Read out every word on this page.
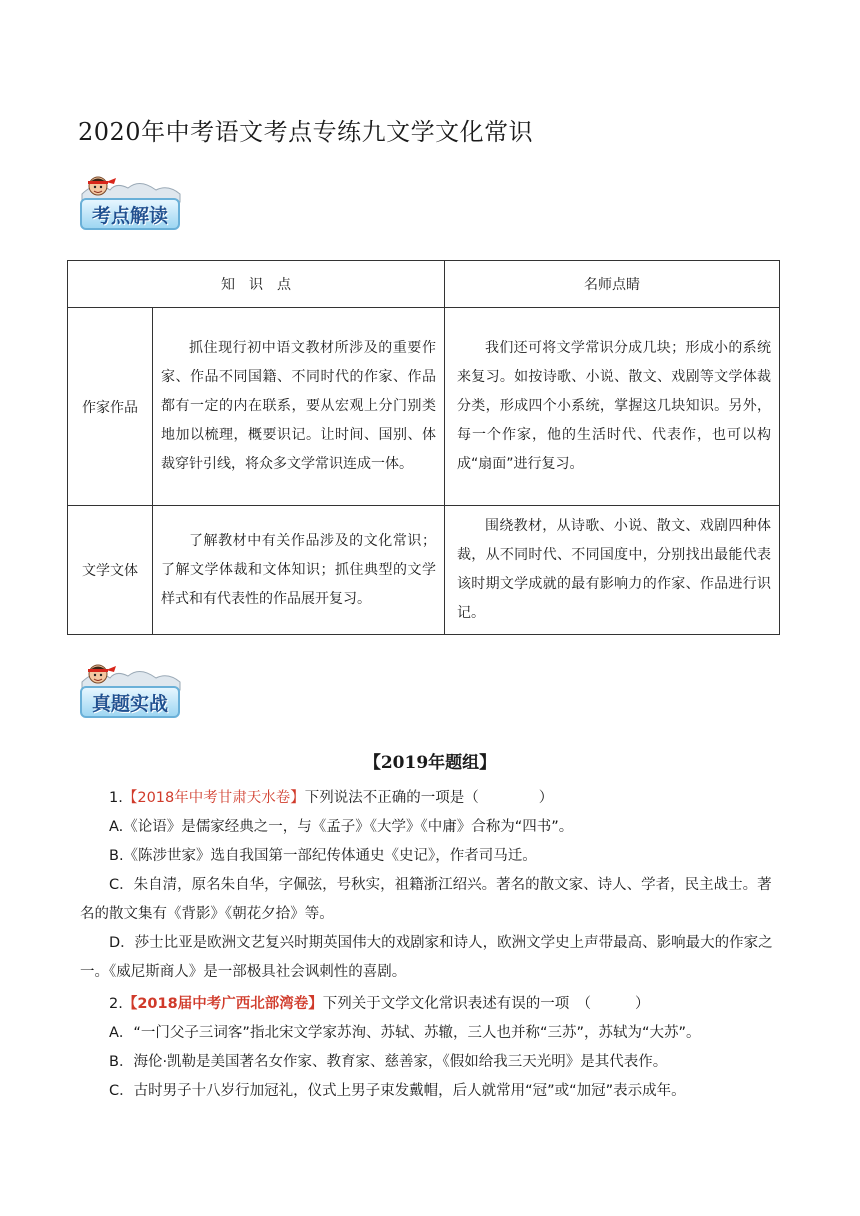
2020年中考语文考点专练九文学文化常识
考点解读
知　识　点		名师点睛
作家作品	抓住现行初中语文教材所涉及的重要作家、作品不同国籍、不同时代的作家、作品都有一定的内在联系，要从宏观上分门别类地加以梳理，概要识记。让时间、国别、体裁穿针引线，将众多文学常识连成一体。	我们还可将文学常识分成几块；形成小的系统来复习。如按诗歌、小说、散文、戏剧等文学体裁分类，形成四个小系统，掌握这几块知识。另外，每一个作家，他的生活时代、代表作，也可以构成“扇面”进行复习。

文学文体	了解教材中有关作品涉及的文化常识；了解文学体裁和文体知识；抓住典型的文学样式和有代表性的作品展开复习。	围绕教材，从诗歌、小说、散文、戏剧四种体裁，从不同时代、不同国度中，分别找出最能代表该时期文学成就的最有影响力的作家、作品进行识记。
真题实战
【2019年题组】

1.【2018年中考甘肃天水卷】下列说法不正确的一项是（	）

A.《论语》是儒家经典之一，与《孟子》《大学》《中庸》合称为“四书”。

B.《陈涉世家》选自我国第一部纪传体通史《史记》，作者司马迁。

C．朱自清，原名朱自华，字佩弦，号秋实，祖籍浙江绍兴。著名的散文家、诗人、学者，民主战士。著名的散文集有《背影》《朝花夕拾》等。

D．莎士比亚是欧洲文艺复兴时期英国伟大的戏剧家和诗人，欧洲文学史上声带最高、影响最大的作家之一。《威尼斯商人》是一部极具社会讽刺性的喜剧。

2.【2018届中考广西北部湾卷】下列关于文学文化常识表述有误的一项　（	）

A．“一门父子三词客”指北宋文学家苏洵、苏轼、苏辙，三人也并称“三苏”，苏轼为“大苏”。

B．海伦·凯勒是美国著名女作家、教育家、慈善家，《假如给我三天光明》是其代表作。

C．古时男子十八岁行加冠礼，仪式上男子束发戴帽，后人就常用“冠”或“加冠”表示成年。
